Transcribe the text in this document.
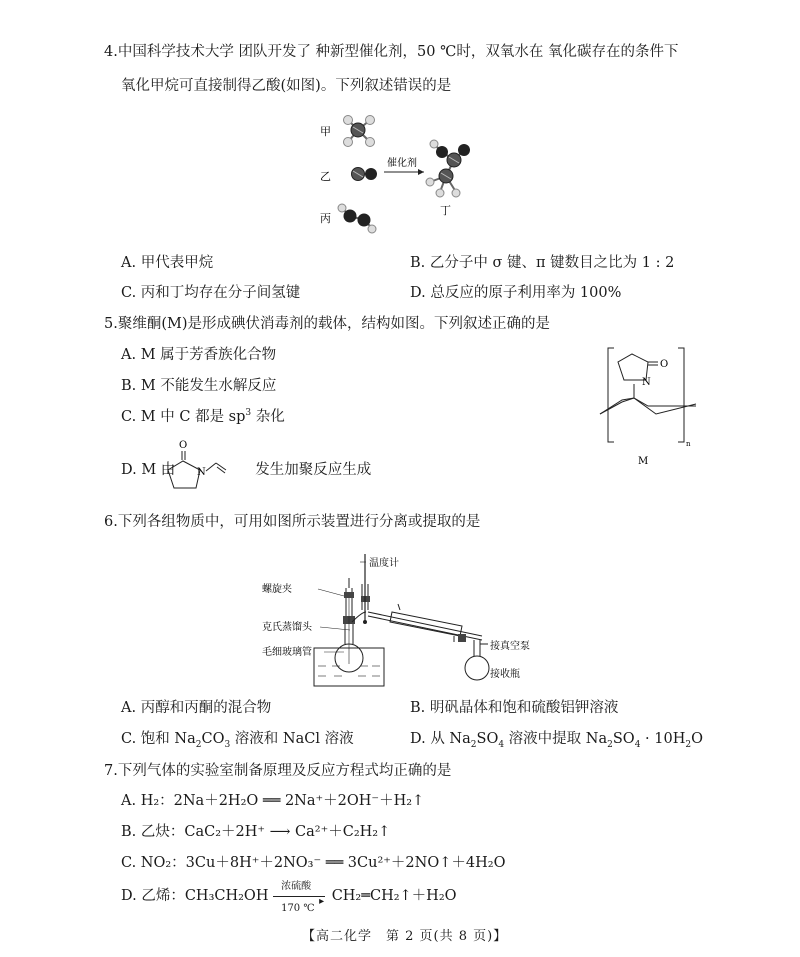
4.中国科学技术大学 团队开发了 种新型催化剂，50 ℃时，双氧水在 氧化碳存在的条件下
氧化甲烷可直接制得乙酸(如图)。下列叙述错误的是
甲
乙
催化剂
丙
丁
A. 甲代表甲烷	B. 乙分子中 σ 键、π 键数目之比为 1 : 2
C. 丙和丁均存在分子间氢键	D. 总反应的原子利用率为 100%
5.聚维酮(M)是形成碘伏消毒剂的载体，结构如图。下列叙述正确的是
A. M 属于芳香族化合物
B. M 不能发生水解反应
C. M 中 C 都是 $sp^3$ 杂化
D. M 由	发生加聚反应生成
O
N
n
N
O
M
6.下列各组物质中，可用如图所示装置进行分离或提取的是
温度计
螺旋夹
克氏蒸馏头
毛细玻璃管
接真空泵
接收瓶
A. 丙醇和丙酮的混合物	B. 明矾晶体和饱和硫酸铝钾溶液
C. 饱和 $Na_2CO_3$ 溶液和 NaCl 溶液	D. 从 $Na_2SO_4$ 溶液中提取 $Na_2SO_4 \cdot 10H_2O$
7.下列气体的实验室制备原理及反应方程式均正确的是
A. H₂：2Na＋2H₂O ══ 2Na⁺＋2OH⁻＋H₂↑
B. 乙炔：CaC₂＋2H⁺ ⟶ Ca²⁺＋C₂H₂↑
C. NO₂：3Cu＋8H⁺＋2NO₃⁻ ══ 3Cu²⁺＋2NO↑＋4H₂O
D. 乙烯：CH₃CH₂OH
浓硫酸
▸
170 ℃
CH₂═CH₂↑＋H₂O
【高二化学　第 2 页(共 8 页)】
